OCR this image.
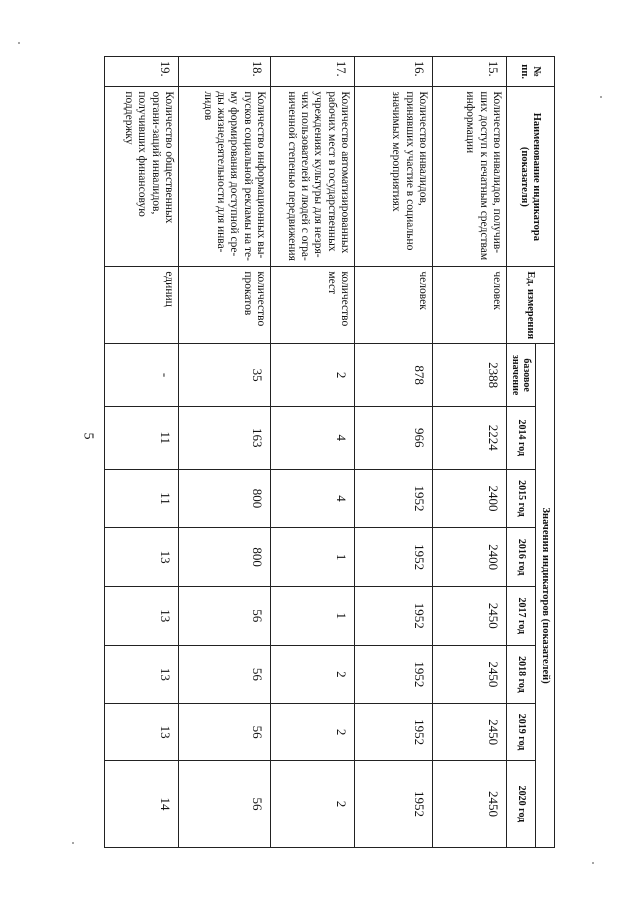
5
№ пп.	Наименование индикатора (показателя)	Ед. измерения	Значения индикаторов (показателей)							
			базовое значение	2014 год	2015 год	2016 год	2017 год	2018 год	2019 год	2020 год
15.	Количество инвалидов, получив-ших доступ к печатным средствам информации	человек	2388	2224	2400	2400	2450	2450	2450	2450
16.	Количество инвалидов, принявших участие в социально значимых мероприятиях	человек	878	966	1952	1952	1952	1952	1952	1952
17.	Количество автоматизированных рабочих мест в государственных учреждениях культуры для незря-чих пользователей и людей с огра-ниченной степенью передвижения	количество мест	2	4	4	1	1	2	2	2
18.	Количество информационных вы-пусков социальной рекламы на те-му формирования доступной сре-ды жизнедеятельности для инва-лидов	количество прокатов	35	163	800	800	56	56	56	56
19.	Количество общественных органи-заций инвалидов, получивших финансовую поддержку	единиц	-	11	11	13	13	13	13	14
